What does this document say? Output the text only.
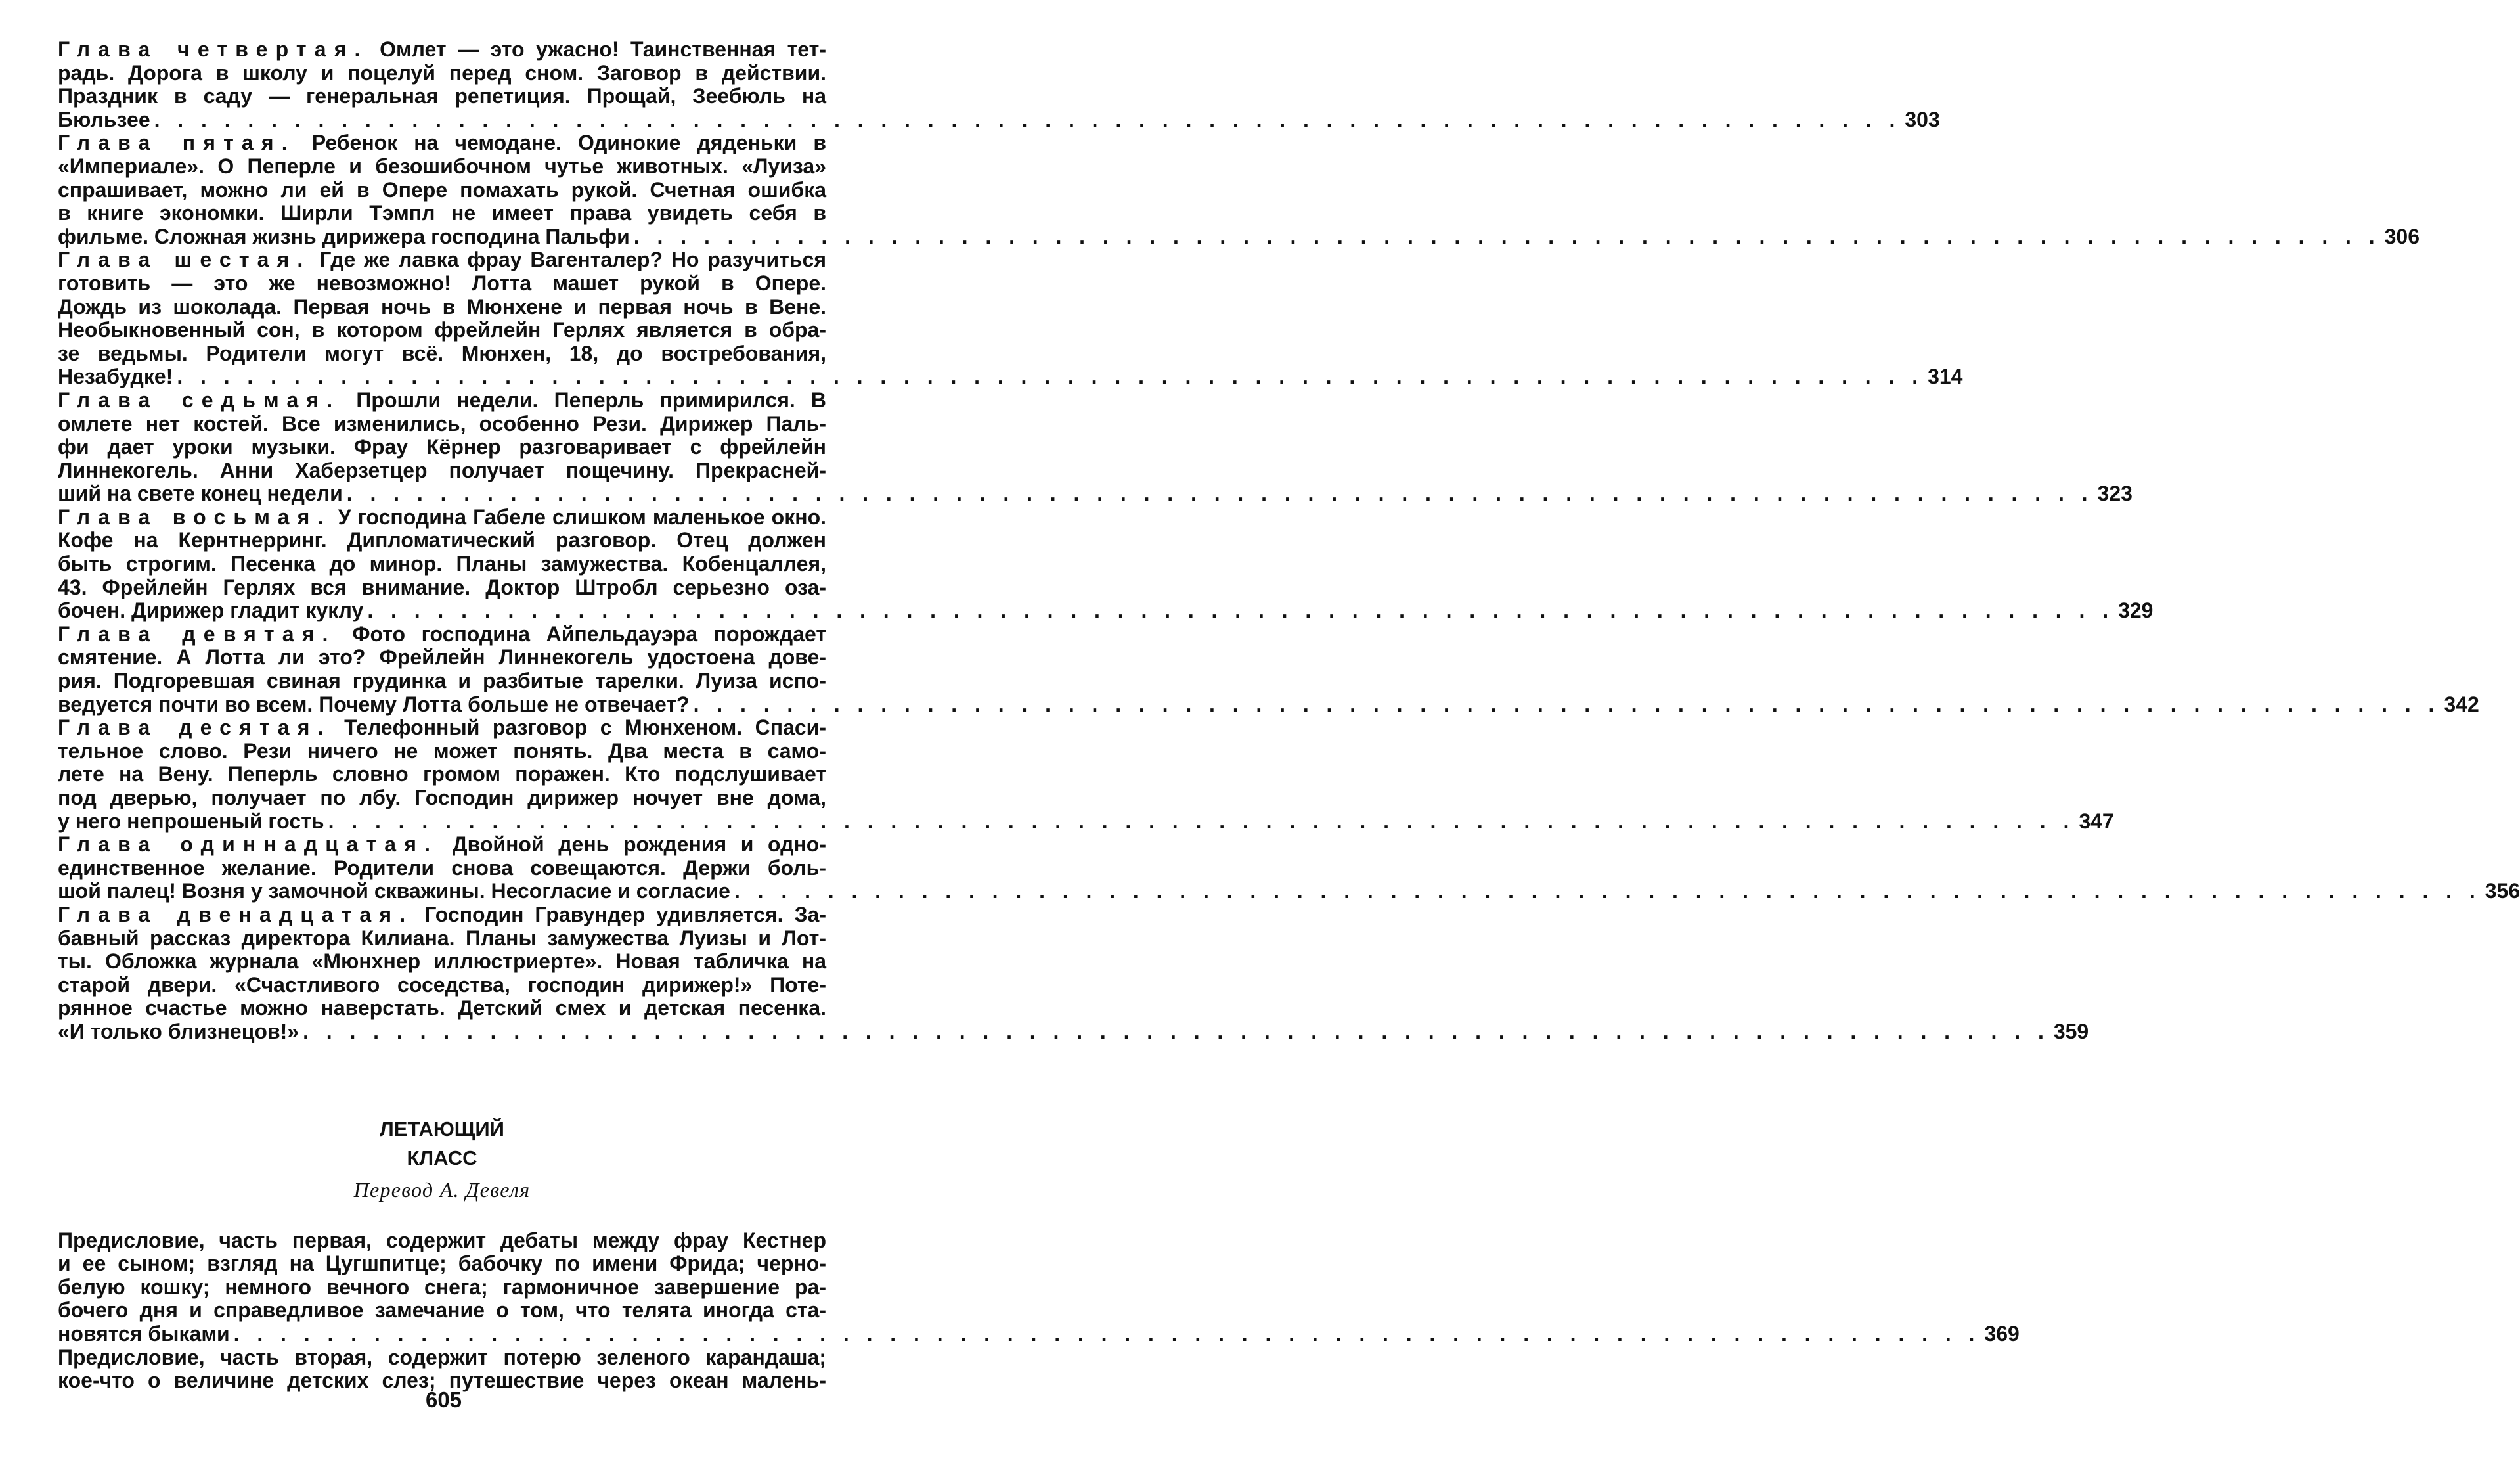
Глава четвертая. Омлет — это ужасно! Таинственная тет-
радь. Дорога в школу и поцелуй перед сном. Заговор в действии.
Праздник в саду — генеральная репетиция. Прощай, Зеебюль на
Бюльзее . . . . . . . . . . . . . . . . . . . . . . . . . . . . . . . . . . . . . . . . . . . . . . . . . . . . . . . . . . . . . . . . . . . . . . . . . . . 303
Глава пятая. Ребенок на чемодане. Одинокие дяденьки в
«Империале». О Пеперле и безошибочном чутье животных. «Луиза»
спрашивает, можно ли ей в Опере помахать рукой. Счетная ошибка
в книге экономки. Ширли Тэмпл не имеет права увидеть себя в
фильме. Сложная жизнь дирижера господина Пальфи . . . . . . . . . . . . . . . . . . . . . . . . . . . . . . . . . . . . . . . . . . . . . . . . . . . . . . . . . . . . . . . . . . . . . . . . . . . 306
Глава шестая. Где же лавка фрау Вагенталер? Но разучиться
готовить — это же невозможно! Лотта машет рукой в Опере.
Дождь из шоколада. Первая ночь в Мюнхене и первая ночь в Вене.
Необыкновенный сон, в котором фрейлейн Герлях является в обра-
зе ведьмы. Родители могут всё. Мюнхен, 18, до востребования,
Незабудке! . . . . . . . . . . . . . . . . . . . . . . . . . . . . . . . . . . . . . . . . . . . . . . . . . . . . . . . . . . . . . . . . . . . . . . . . . . . 314
Глава седьмая. Прошли недели. Пеперль примирился. В
омлете нет костей. Все изменились, особенно Рези. Дирижер Паль-
фи дает уроки музыки. Фрау Кёрнер разговаривает с фрейлейн
Линнекогель. Анни Хаберзетцер получает пощечину. Прекрасней-
ший на свете конец недели . . . . . . . . . . . . . . . . . . . . . . . . . . . . . . . . . . . . . . . . . . . . . . . . . . . . . . . . . . . . . . . . . . . . . . . . . . . 323
Глава восьмая. У господина Габеле слишком маленькое окно.
Кофе на Кернтнерринг. Дипломатический разговор. Отец должен
быть строгим. Песенка до минор. Планы замужества. Кобенцаллея,
43. Фрейлейн Герлях вся внимание. Доктор Штробл серьезно оза-
бочен. Дирижер гладит куклу . . . . . . . . . . . . . . . . . . . . . . . . . . . . . . . . . . . . . . . . . . . . . . . . . . . . . . . . . . . . . . . . . . . . . . . . . . . 329
Глава девятая. Фото господина Айпельдауэра порождает
смятение. А Лотта ли это? Фрейлейн Линнекогель удостоена дове-
рия. Подгоревшая свиная грудинка и разбитые тарелки. Луиза испо-
ведуется почти во всем. Почему Лотта больше не отвечает? . . . . . . . . . . . . . . . . . . . . . . . . . . . . . . . . . . . . . . . . . . . . . . . . . . . . . . . . . . . . . . . . . . . . . . . . . . . 342
Глава десятая. Телефонный разговор с Мюнхеном. Спаси-
тельное слово. Рези ничего не может понять. Два места в само-
лете на Вену. Пеперль словно громом поражен. Кто подслушивает
под дверью, получает по лбу. Господин дирижер ночует вне дома,
у него непрошеный гость . . . . . . . . . . . . . . . . . . . . . . . . . . . . . . . . . . . . . . . . . . . . . . . . . . . . . . . . . . . . . . . . . . . . . . . . . . . 347
Глава одиннадцатая. Двойной день рождения и одно-
единственное желание. Родители снова совещаются. Держи боль-
шой палец! Возня у замочной скважины. Несогласие и согласие . . . . . . . . . . . . . . . . . . . . . . . . . . . . . . . . . . . . . . . . . . . . . . . . . . . . . . . . . . . . . . . . . . . . . . . . . . . 356
Глава двенадцатая. Господин Гравундер удивляется. За-
бавный рассказ директора Килиана. Планы замужества Луизы и Лот-
ты. Обложка журнала «Мюнхнер иллюстриерте». Новая табличка на
старой двери. «Счастливого соседства, господин дирижер!» Поте-
рянное счастье можно наверстать. Детский смех и детская песенка.
«И только близнецов!» . . . . . . . . . . . . . . . . . . . . . . . . . . . . . . . . . . . . . . . . . . . . . . . . . . . . . . . . . . . . . . . . . . . . . . . . . . . 359
ЛЕТАЮЩИЙ
КЛАСС
Перевод А. Девеля
Предисловие, часть первая, содержит дебаты между фрау Кестнер
и ее сыном; взгляд на Цугшпитце; бабочку по имени Фрида; черно-
белую кошку; немного вечного снега; гармоничное завершение ра-
бочего дня и справедливое замечание о том, что телята иногда ста-
новятся быками . . . . . . . . . . . . . . . . . . . . . . . . . . . . . . . . . . . . . . . . . . . . . . . . . . . . . . . . . . . . . . . . . . . . . . . . . . . 369
Предисловие, часть вторая, содержит потерю зеленого карандаша;
кое-что о величине детских слез; путешествие через океан малень-
605
